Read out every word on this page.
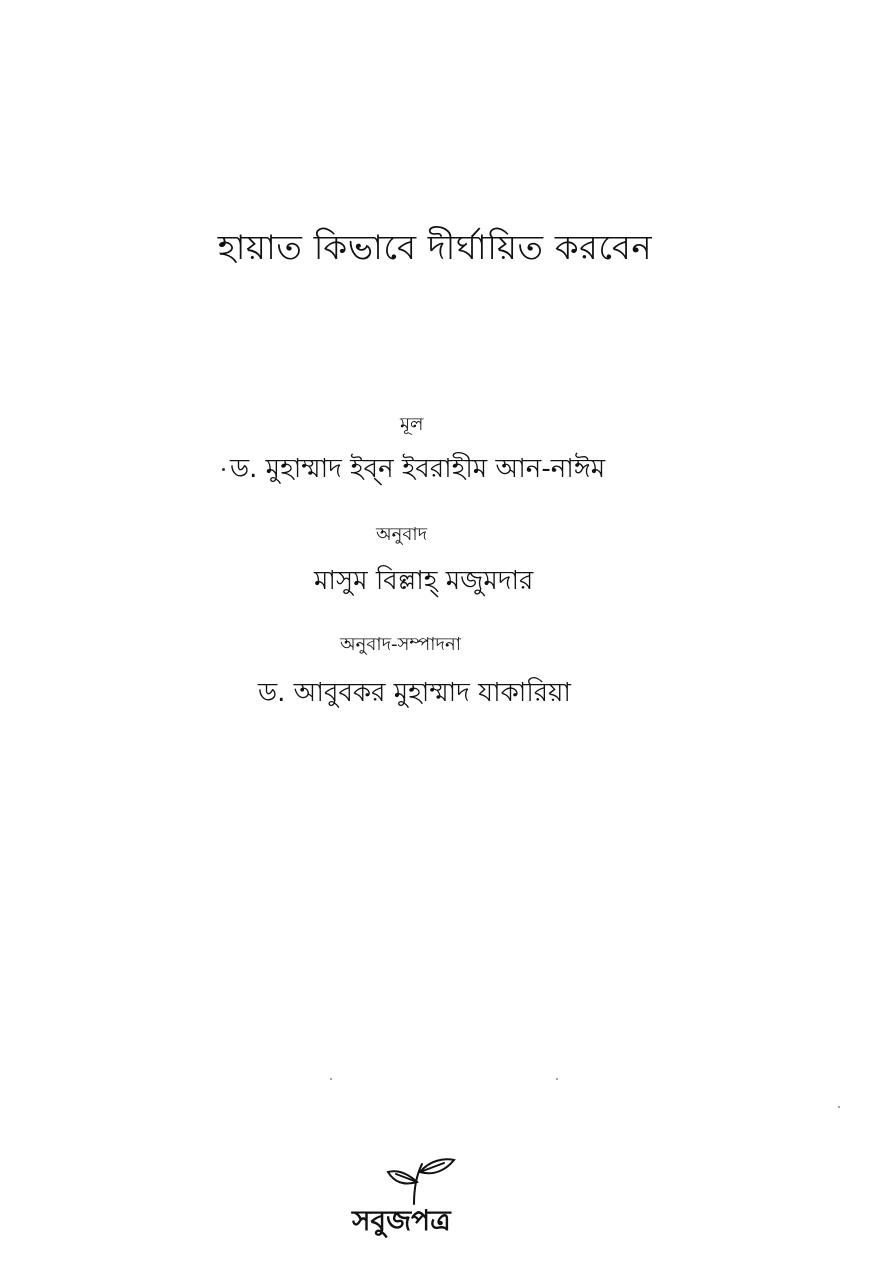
হায়াত কিভাবে দীর্ঘায়িত করবেন
মূল
ড. মুহাম্মাদ ইব্ন ইবরাহীম আন-নাঈম
অনুবাদ
মাসুম বিল্লাহ্ মজুমদার
অনুবাদ-সম্পাদনা
ড. আবুবকর মুহাম্মাদ যাকারিয়া
সবুজপত্র
